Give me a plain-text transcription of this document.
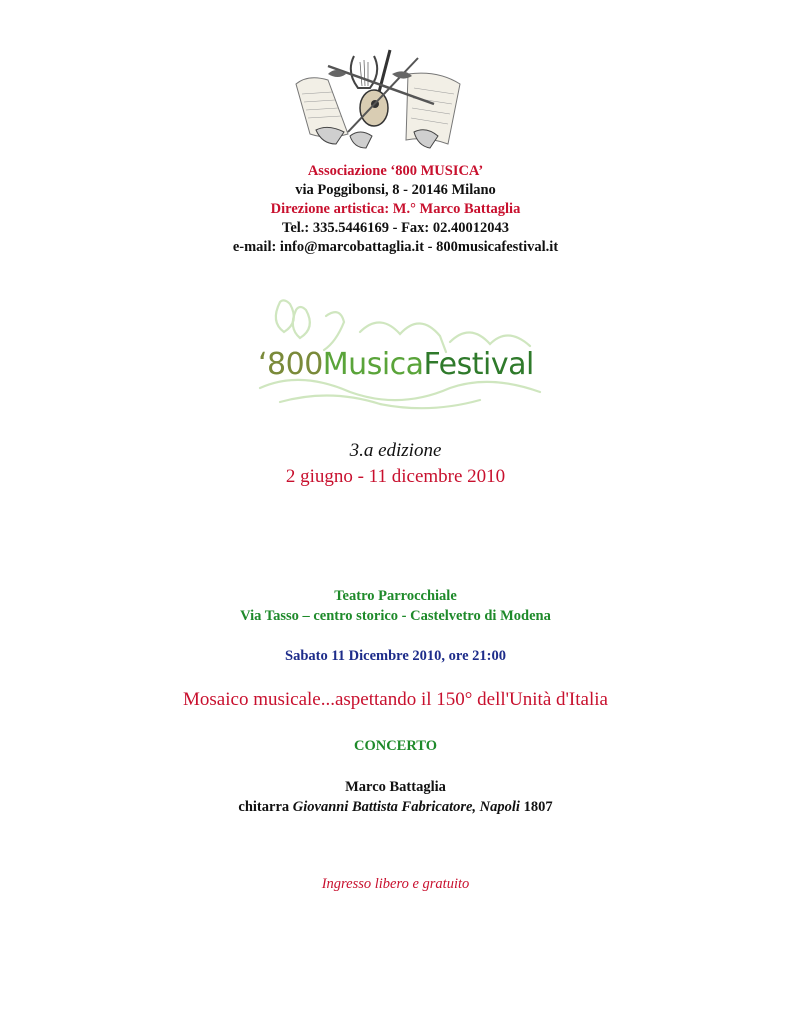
Associazione ‘800 MUSICA’
via Poggibonsi, 8 - 20146 Milano
Direzione artistica: M.° Marco Battaglia
Tel.: 335.5446169 - Fax: 02.40012043
e-mail: info@marcobattaglia.it - 800musicafestival.it
‘800MusicaFestival
3.a edizione
2 giugno - 11 dicembre 2010
Teatro Parrocchiale
Via Tasso – centro storico - Castelvetro di Modena
Sabato 11 Dicembre 2010, ore 21:00
Mosaico musicale...aspettando il 150° dell'Unità d'Italia
CONCERTO
Marco Battaglia
chitarra Giovanni Battista Fabricatore, Napoli 1807
Ingresso libero e gratuito
